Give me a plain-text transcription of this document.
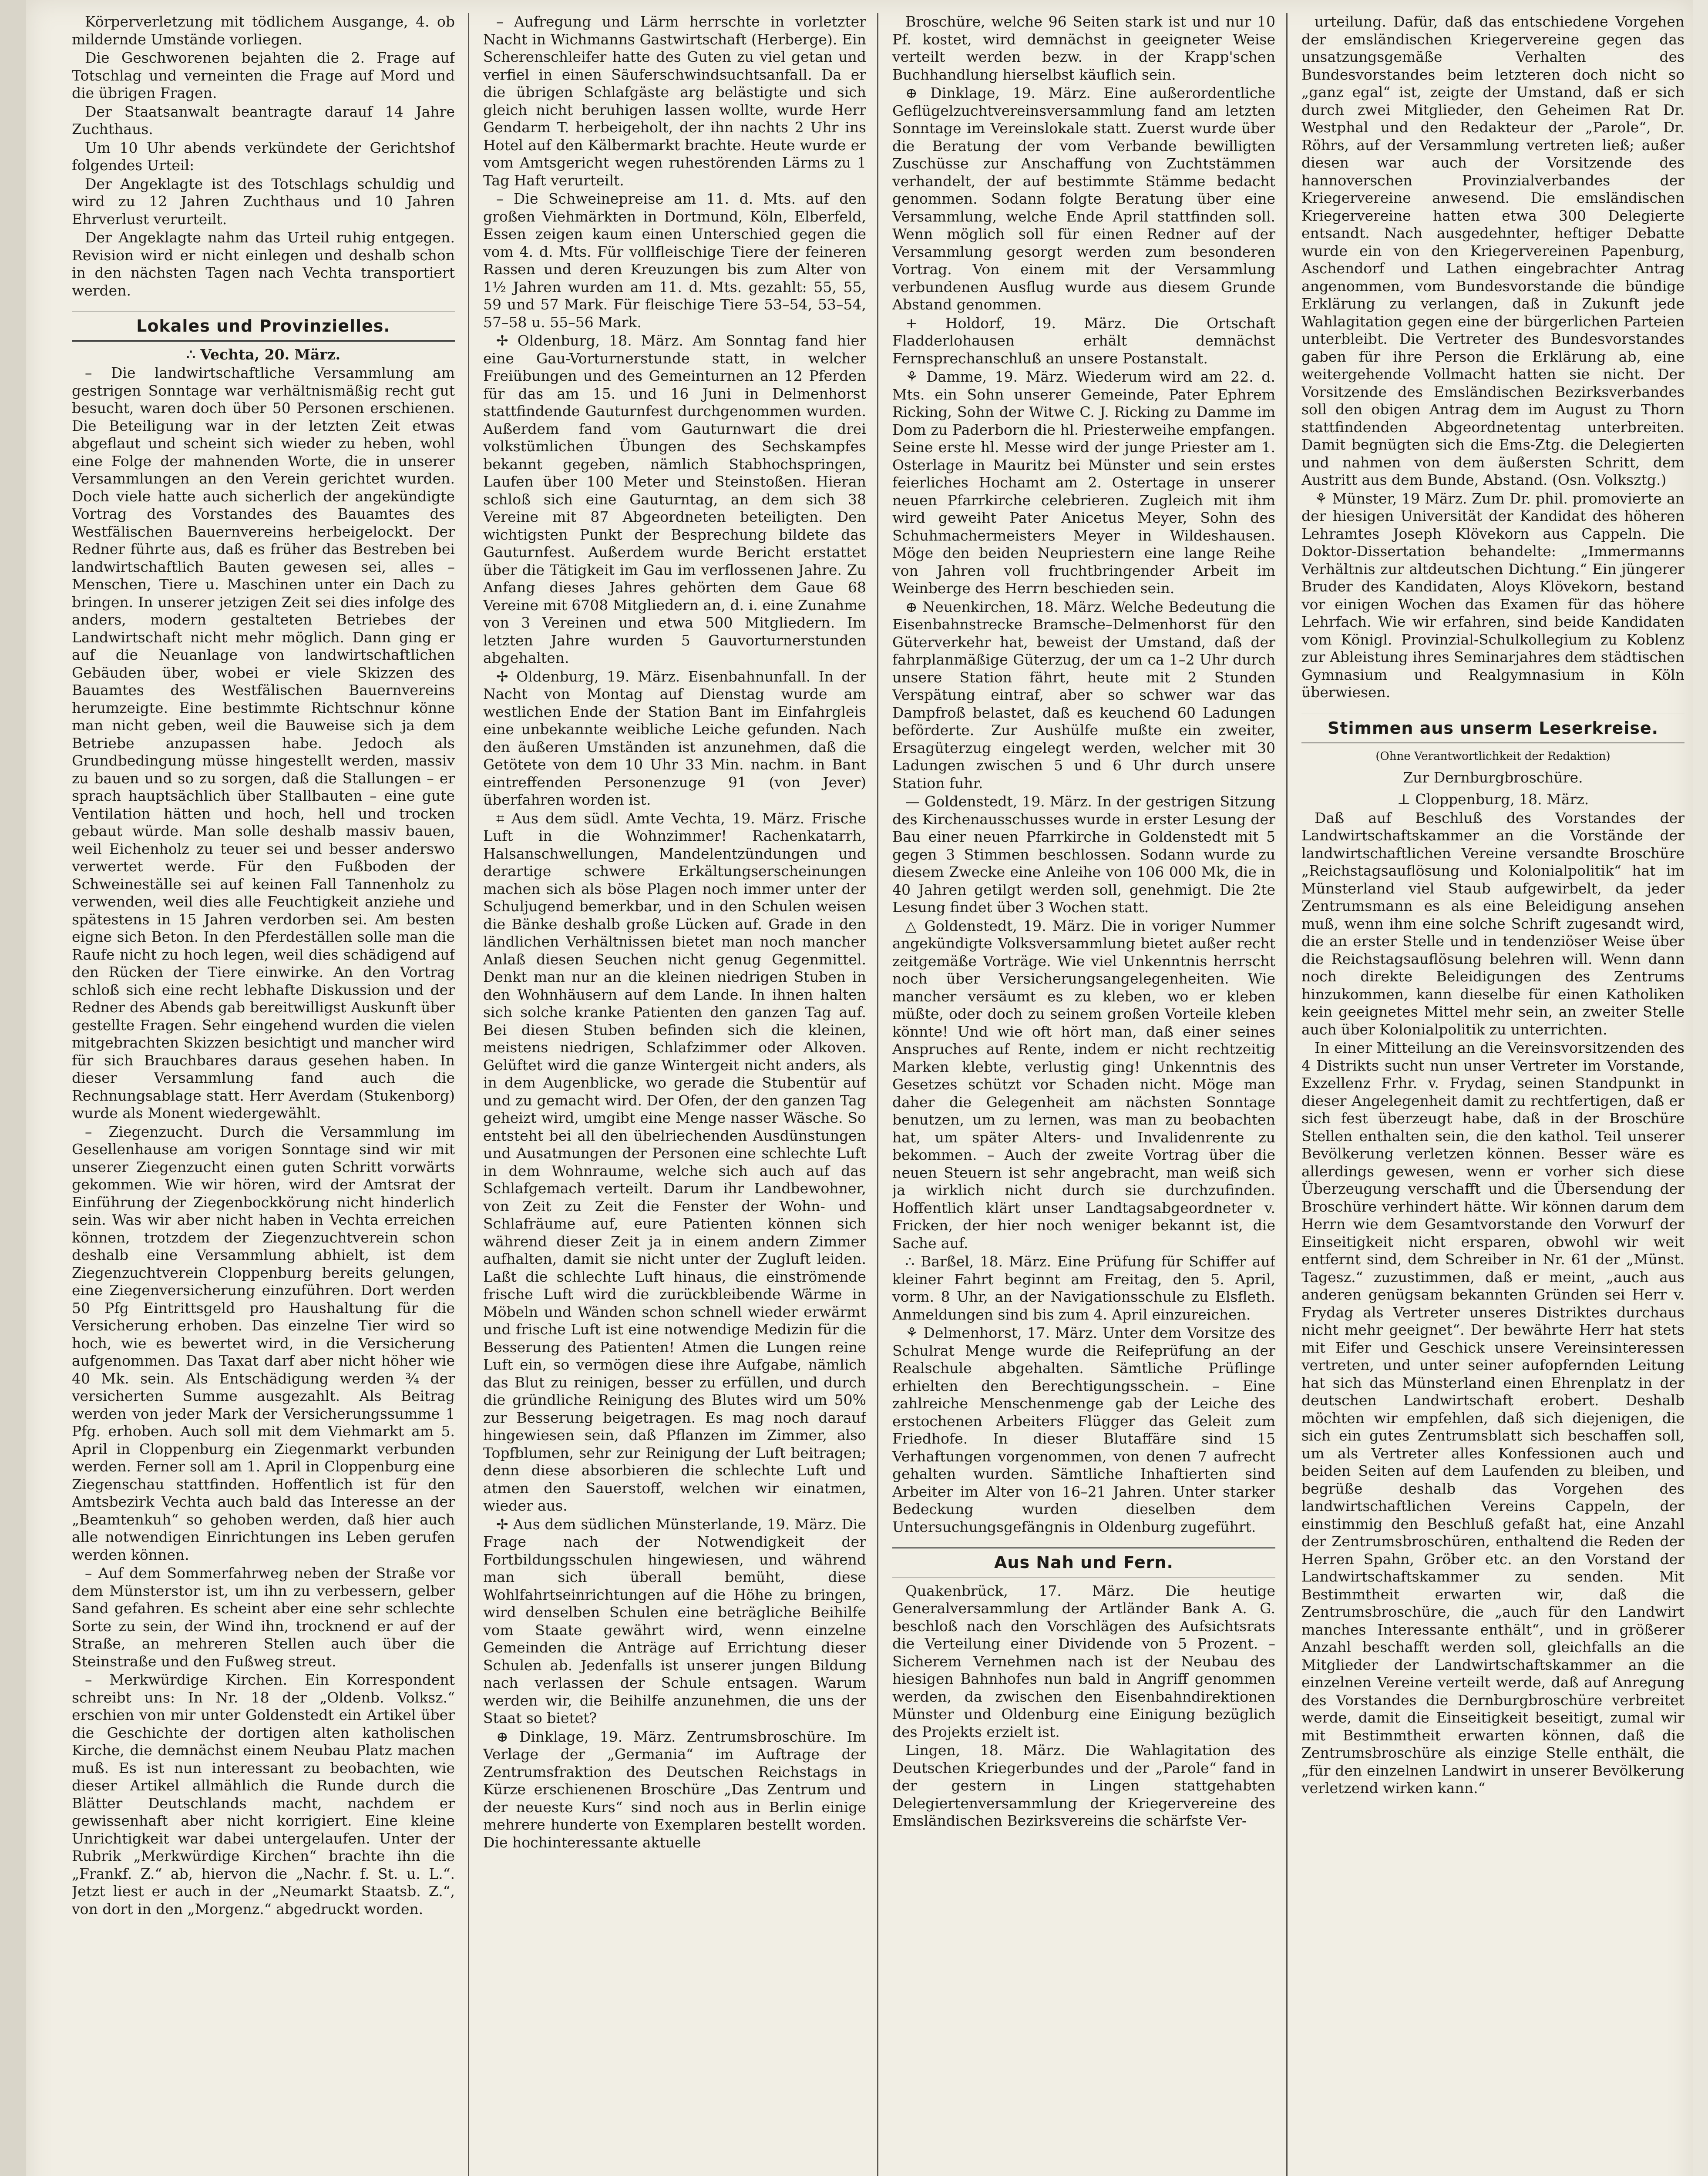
Körperverletzung mit tödlichem Ausgange, 4. ob mildernde Umstände vorliegen.

Die Geschworenen bejahten die 2. Frage auf Totschlag und verneinten die Frage auf Mord und die übrigen Fragen.

Der Staatsanwalt beantragte darauf 14 Jahre Zuchthaus.

Um 10 Uhr abends verkündete der Gerichtshof folgendes Urteil:

Der Angeklagte ist des Totschlags schuldig und wird zu 12 Jahren Zuchthaus und 10 Jahren Ehrverlust verurteilt.

Der Angeklagte nahm das Urteil ruhig entgegen. Revision wird er nicht einlegen und deshalb schon in den nächsten Tagen nach Vechta transportiert werden.

Lokales und Provinzielles.

∴ Vechta, 20. März.

– Die landwirtschaftliche Versammlung am gestrigen Sonntage war verhältnismäßig recht gut besucht, waren doch über 50 Personen erschienen. Die Beteiligung war in der letzten Zeit etwas abgeflaut und scheint sich wieder zu heben, wohl eine Folge der mahnenden Worte, die in unserer Versammlungen an den Verein gerichtet wurden. Doch viele hatte auch sicherlich der angekündigte Vortrag des Vorstandes des Bauamtes des Westfälischen Bauernvereins herbeigelockt. Der Redner führte aus, daß es früher das Bestreben bei landwirtschaftlich Bauten gewesen sei, alles – Menschen, Tiere u. Maschinen unter ein Dach zu bringen. In unserer jetzigen Zeit sei dies infolge des anders, modern gestalteten Betriebes der Landwirtschaft nicht mehr möglich. Dann ging er auf die Neuanlage von landwirtschaftlichen Gebäuden über, wobei er viele Skizzen des Bauamtes des Westfälischen Bauernvereins herumzeigte. Eine bestimmte Richtschnur könne man nicht geben, weil die Bauweise sich ja dem Betriebe anzupassen habe. Jedoch als Grundbedingung müsse hingestellt werden, massiv zu bauen und so zu sorgen, daß die Stallungen – er sprach hauptsächlich über Stallbauten – eine gute Ventilation hätten und hoch, hell und trocken gebaut würde. Man solle deshalb massiv bauen, weil Eichenholz zu teuer sei und besser anderswo verwertet werde. Für den Fußboden der Schweineställe sei auf keinen Fall Tannenholz zu verwenden, weil dies alle Feuchtigkeit anziehe und spätestens in 15 Jahren verdorben sei. Am besten eigne sich Beton. In den Pferdeställen solle man die Raufe nicht zu hoch legen, weil dies schädigend auf den Rücken der Tiere einwirke. An den Vortrag schloß sich eine recht lebhafte Diskussion und der Redner des Abends gab bereitwilligst Auskunft über gestellte Fragen. Sehr eingehend wurden die vielen mitgebrachten Skizzen besichtigt und mancher wird für sich Brauchbares daraus gesehen haben. In dieser Versammlung fand auch die Rechnungsablage statt. Herr Averdam (Stukenborg) wurde als Monent wiedergewählt.

– Ziegenzucht. Durch die Versammlung im Gesellenhause am vorigen Sonntage sind wir mit unserer Ziegenzucht einen guten Schritt vorwärts gekommen. Wie wir hören, wird der Amtsrat der Einführung der Ziegenbockkörung nicht hinderlich sein. Was wir aber nicht haben in Vechta erreichen können, trotzdem der Ziegenzuchtverein schon deshalb eine Versammlung abhielt, ist dem Ziegenzuchtverein Cloppenburg bereits gelungen, eine Ziegenversicherung einzuführen. Dort werden 50 Pfg Eintrittsgeld pro Haushaltung für die Versicherung erhoben. Das einzelne Tier wird so hoch, wie es bewertet wird, in die Versicherung aufgenommen. Das Taxat darf aber nicht höher wie 40 Mk. sein. Als Entschädigung werden ¾ der versicherten Summe ausgezahlt. Als Beitrag werden von jeder Mark der Versicherungssumme 1 Pfg. erhoben. Auch soll mit dem Viehmarkt am 5. April in Cloppenburg ein Ziegenmarkt verbunden werden. Ferner soll am 1. April in Cloppenburg eine Ziegenschau stattfinden. Hoffentlich ist für den Amtsbezirk Vechta auch bald das Interesse an der „Beamtenkuh“ so gehoben werden, daß hier auch alle notwendigen Einrichtungen ins Leben gerufen werden können.

– Auf dem Sommerfahrweg neben der Straße vor dem Münsterstor ist, um ihn zu verbessern, gelber Sand gefahren. Es scheint aber eine sehr schlechte Sorte zu sein, der Wind ihn, trocknend er auf der Straße, an mehreren Stellen auch über die Steinstraße und den Fußweg streut.

– Merkwürdige Kirchen. Ein Korrespondent schreibt uns: In Nr. 18 der „Oldenb. Volksz.“ erschien von mir unter Goldenstedt ein Artikel über die Geschichte der dortigen alten katholischen Kirche, die demnächst einem Neubau Platz machen muß. Es ist nun interessant zu beobachten, wie dieser Artikel allmählich die Runde durch die Blätter Deutschlands macht, nachdem er gewissenhaft aber nicht korrigiert. Eine kleine Unrichtigkeit war dabei untergelaufen. Unter der Rubrik „Merkwürdige Kirchen“ brachte ihn die „Frankf. Z.“ ab, hiervon die „Nachr. f. St. u. L.“. Jetzt liest er auch in der „Neumarkt Staatsb. Z.“, von dort in den „Morgenz.“ abgedruckt worden.

– Aufregung und Lärm herrschte in vorletzter Nacht in Wichmanns Gastwirtschaft (Herberge). Ein Scherenschleifer hatte des Guten zu viel getan und verfiel in einen Säuferschwindsuchtsanfall. Da er die übrigen Schlafgäste arg belästigte und sich gleich nicht beruhigen lassen wollte, wurde Herr Gendarm T. herbeigeholt, der ihn nachts 2 Uhr ins Hotel auf den Kälbermarkt brachte. Heute wurde er vom Amtsgericht wegen ruhestörenden Lärms zu 1 Tag Haft verurteilt.

– Die Schweinepreise am 11. d. Mts. auf den großen Viehmärkten in Dortmund, Köln, Elberfeld, Essen zeigen kaum einen Unterschied gegen die vom 4. d. Mts. Für vollfleischige Tiere der feineren Rassen und deren Kreuzungen bis zum Alter von 1½ Jahren wurden am 11. d. Mts. gezahlt: 55, 55, 59 und 57 Mark. Für fleischige Tiere 53–54, 53–54, 57–58 u. 55–56 Mark.

✢ Oldenburg, 18. März. Am Sonntag fand hier eine Gau-Vorturnerstunde statt, in welcher Freiübungen und des Gemeinturnen an 12 Pferden für das am 15. und 16 Juni in Delmenhorst stattfindende Gauturnfest durchgenommen wurden. Außerdem fand vom Gauturnwart die drei volkstümlichen Übungen des Sechskampfes bekannt gegeben, nämlich Stabhochspringen, Laufen über 100 Meter und Steinstoßen. Hieran schloß sich eine Gauturntag, an dem sich 38 Vereine mit 87 Abgeordneten beteiligten. Den wichtigsten Punkt der Besprechung bildete das Gauturnfest. Außerdem wurde Bericht erstattet über die Tätigkeit im Gau im verflossenen Jahre. Zu Anfang dieses Jahres gehörten dem Gaue 68 Vereine mit 6708 Mitgliedern an, d. i. eine Zunahme von 3 Vereinen und etwa 500 Mitgliedern. Im letzten Jahre wurden 5 Gauvorturnerstunden abgehalten.

✢ Oldenburg, 19. März. Eisenbahnunfall. In der Nacht von Montag auf Dienstag wurde am westlichen Ende der Station Bant im Einfahrgleis eine unbekannte weibliche Leiche gefunden. Nach den äußeren Umständen ist anzunehmen, daß die Getötete von dem 10 Uhr 33 Min. nachm. in Bant eintreffenden Personenzuge 91 (von Jever) überfahren worden ist.

⌗ Aus dem südl. Amte Vechta, 19. März. Frische Luft in die Wohnzimmer! Rachenkatarrh, Halsanschwellungen, Mandelentzündungen und derartige schwere Erkältungserscheinungen machen sich als böse Plagen noch immer unter der Schuljugend bemerkbar, und in den Schulen weisen die Bänke deshalb große Lücken auf. Grade in den ländlichen Verhältnissen bietet man noch mancher Anlaß diesen Seuchen nicht genug Gegenmittel. Denkt man nur an die kleinen niedrigen Stuben in den Wohnhäusern auf dem Lande. In ihnen halten sich solche kranke Patienten den ganzen Tag auf. Bei diesen Stuben befinden sich die kleinen, meistens niedrigen, Schlafzimmer oder Alkoven. Gelüftet wird die ganze Wintergeit nicht anders, als in dem Augenblicke, wo gerade die Stubentür auf und zu gemacht wird. Der Ofen, der den ganzen Tag geheizt wird, umgibt eine Menge nasser Wäsche. So entsteht bei all den übelriechenden Ausdünstungen und Ausatmungen der Personen eine schlechte Luft in dem Wohnraume, welche sich auch auf das Schlafgemach verteilt. Darum ihr Landbewohner, von Zeit zu Zeit die Fenster der Wohn- und Schlafräume auf, eure Patienten können sich während dieser Zeit ja in einem andern Zimmer aufhalten, damit sie nicht unter der Zugluft leiden. Laßt die schlechte Luft hinaus, die einströmende frische Luft wird die zurückbleibende Wärme in Möbeln und Wänden schon schnell wieder erwärmt und frische Luft ist eine notwendige Medizin für die Besserung des Patienten! Atmen die Lungen reine Luft ein, so vermögen diese ihre Aufgabe, nämlich das Blut zu reinigen, besser zu erfüllen, und durch die gründliche Reinigung des Blutes wird um 50% zur Besserung beigetragen. Es mag noch darauf hingewiesen sein, daß Pflanzen im Zimmer, also Topfblumen, sehr zur Reinigung der Luft beitragen; denn diese absorbieren die schlechte Luft und atmen den Sauerstoff, welchen wir einatmen, wieder aus.

✢ Aus dem südlichen Münsterlande, 19. März. Die Frage nach der Notwendigkeit der Fortbildungsschulen hingewiesen, und während man sich überall bemüht, diese Wohlfahrtseinrichtungen auf die Höhe zu bringen, wird denselben Schulen eine beträgliche Beihilfe vom Staate gewährt wird, wenn einzelne Gemeinden die Anträge auf Errichtung dieser Schulen ab. Jedenfalls ist unserer jungen Bildung nach verlassen der Schule entsagen. Warum werden wir, die Beihilfe anzunehmen, die uns der Staat so bietet?

⊕ Dinklage, 19. März. Zentrumsbroschüre. Im Verlage der „Germania“ im Auftrage der Zentrumsfraktion des Deutschen Reichstags in Kürze erschienenen Broschüre „Das Zentrum und der neueste Kurs“ sind noch aus in Berlin einige mehrere hunderte von Exemplaren bestellt worden. Die hochinteressante aktuelle

Broschüre, welche 96 Seiten stark ist und nur 10 Pf. kostet, wird demnächst in geeigneter Weise verteilt werden bezw. in der Krapp'schen Buchhandlung hierselbst käuflich sein.

⊕ Dinklage, 19. März. Eine außerordentliche Geflügelzuchtvereinsversammlung fand am letzten Sonntage im Vereinslokale statt. Zuerst wurde über die Beratung der vom Verbande bewilligten Zuschüsse zur Anschaffung von Zuchtstämmen verhandelt, der auf bestimmte Stämme bedacht genommen. Sodann folgte Beratung über eine Versammlung, welche Ende April stattfinden soll. Wenn möglich soll für einen Redner auf der Versammlung gesorgt werden zum besonderen Vortrag. Von einem mit der Versammlung verbundenen Ausflug wurde aus diesem Grunde Abstand genommen.

+ Holdorf, 19. März. Die Ortschaft Fladderlohausen erhält demnächst Fernsprechanschluß an unsere Postanstalt.

⚘ Damme, 19. März. Wiederum wird am 22. d. Mts. ein Sohn unserer Gemeinde, Pater Ephrem Ricking, Sohn der Witwe C. J. Ricking zu Damme im Dom zu Paderborn die hl. Priesterweihe empfangen. Seine erste hl. Messe wird der junge Priester am 1. Osterlage in Mauritz bei Münster und sein erstes feierliches Hochamt am 2. Ostertage in unserer neuen Pfarrkirche celebrieren. Zugleich mit ihm wird geweiht Pater Anicetus Meyer, Sohn des Schuhmachermeisters Meyer in Wildeshausen. Möge den beiden Neupriestern eine lange Reihe von Jahren voll fruchtbringender Arbeit im Weinberge des Herrn beschieden sein.

⊕ Neuenkirchen, 18. März. Welche Bedeutung die Eisenbahnstrecke Bramsche–Delmenhorst für den Güterverkehr hat, beweist der Umstand, daß der fahrplanmäßige Güterzug, der um ca 1–2 Uhr durch unsere Station fährt, heute mit 2 Stunden Verspätung eintraf, aber so schwer war das Dampfroß belastet, daß es keuchend 60 Ladungen beförderte. Zur Aushülfe mußte ein zweiter, Ersagüterzug eingelegt werden, welcher mit 30 Ladungen zwischen 5 und 6 Uhr durch unsere Station fuhr.

— Goldenstedt, 19. März. In der gestrigen Sitzung des Kirchenausschusses wurde in erster Lesung der Bau einer neuen Pfarrkirche in Goldenstedt mit 5 gegen 3 Stimmen beschlossen. Sodann wurde zu diesem Zwecke eine Anleihe von 106 000 Mk, die in 40 Jahren getilgt werden soll, genehmigt. Die 2te Lesung findet über 3 Wochen statt.

△ Goldenstedt, 19. März. Die in voriger Nummer angekündigte Volksversammlung bietet außer recht zeitgemäße Vorträge. Wie viel Unkenntnis herrscht noch über Versicherungsangelegenheiten. Wie mancher versäumt es zu kleben, wo er kleben müßte, oder doch zu seinem großen Vorteile kleben könnte! Und wie oft hört man, daß einer seines Anspruches auf Rente, indem er nicht rechtzeitig Marken klebte, verlustig ging! Unkenntnis des Gesetzes schützt vor Schaden nicht. Möge man daher die Gelegenheit am nächsten Sonntage benutzen, um zu lernen, was man zu beobachten hat, um später Alters- und Invalidenrente zu bekommen. – Auch der zweite Vortrag über die neuen Steuern ist sehr angebracht, man weiß sich ja wirklich nicht durch sie durchzufinden. Hoffentlich klärt unser Landtagsabgeordneter v. Fricken, der hier noch weniger bekannt ist, die Sache auf.

∴ Barßel, 18. März. Eine Prüfung für Schiffer auf kleiner Fahrt beginnt am Freitag, den 5. April, vorm. 8 Uhr, an der Navigationsschule zu Elsfleth. Anmeldungen sind bis zum 4. April einzureichen.

⚘ Delmenhorst, 17. März. Unter dem Vorsitze des Schulrat Menge wurde die Reifeprüfung an der Realschule abgehalten. Sämtliche Prüflinge erhielten den Berechtigungsschein. – Eine zahlreiche Menschenmenge gab der Leiche des erstochenen Arbeiters Flügger das Geleit zum Friedhofe. In dieser Blutaffäre sind 15 Verhaftungen vorgenommen, von denen 7 aufrecht gehalten wurden. Sämtliche Inhaftierten sind Arbeiter im Alter von 16–21 Jahren. Unter starker Bedeckung wurden dieselben dem Untersuchungsgefängnis in Oldenburg zugeführt.

Aus Nah und Fern.

Quakenbrück, 17. März. Die heutige Generalversammlung der Artländer Bank A. G. beschloß nach den Vorschlägen des Aufsichtsrats die Verteilung einer Dividende von 5 Prozent. – Sicherem Vernehmen nach ist der Neubau des hiesigen Bahnhofes nun bald in Angriff genommen werden, da zwischen den Eisenbahndirektionen Münster und Oldenburg eine Einigung bezüglich des Projekts erzielt ist.

Lingen, 18. März. Die Wahlagitation des Deutschen Kriegerbundes und der „Parole“ fand in der gestern in Lingen stattgehabten Delegiertenversammlung der Kriegervereine des Emsländischen Bezirksvereins die schärfste Ver-

urteilung. Dafür, daß das entschiedene Vorgehen der emsländischen Kriegervereine gegen das unsatzungsgemäße Verhalten des Bundesvorstandes beim letzteren doch nicht so „ganz egal“ ist, zeigte der Umstand, daß er sich durch zwei Mitglieder, den Geheimen Rat Dr. Westphal und den Redakteur der „Parole“, Dr. Röhrs, auf der Versammlung vertreten ließ; außer diesen war auch der Vorsitzende des hannoverschen Provinzialverbandes der Kriegervereine anwesend. Die emsländischen Kriegervereine hatten etwa 300 Delegierte entsandt. Nach ausgedehnter, heftiger Debatte wurde ein von den Kriegervereinen Papenburg, Aschendorf und Lathen eingebrachter Antrag angenommen, vom Bundesvorstande die bündige Erklärung zu verlangen, daß in Zukunft jede Wahlagitation gegen eine der bürgerlichen Parteien unterbleibt. Die Vertreter des Bundesvorstandes gaben für ihre Person die Erklärung ab, eine weitergehende Vollmacht hatten sie nicht. Der Vorsitzende des Emsländischen Bezirksverbandes soll den obigen Antrag dem im August zu Thorn stattfindenden Abgeordnetentag unterbreiten. Damit begnügten sich die Ems-Ztg. die Delegierten und nahmen von dem äußersten Schritt, dem Austritt aus dem Bunde, Abstand. (Osn. Volksztg.)

⚘ Münster, 19 März. Zum Dr. phil. promovierte an der hiesigen Universität der Kandidat des höheren Lehramtes Joseph Klövekorn aus Cappeln. Die Doktor-Dissertation behandelte: „Immermanns Verhältnis zur altdeutschen Dichtung.“ Ein jüngerer Bruder des Kandidaten, Aloys Klövekorn, bestand vor einigen Wochen das Examen für das höhere Lehrfach. Wie wir erfahren, sind beide Kandidaten vom Königl. Provinzial-Schulkollegium zu Koblenz zur Ableistung ihres Seminarjahres dem städtischen Gymnasium und Realgymnasium in Köln überwiesen.

Stimmen aus unserm Leserkreise.
(Ohne Verantwortlichkeit der Redaktion)
Zur Dernburgbroschüre.

⊥ Cloppenburg, 18. März.

Daß auf Beschluß des Vorstandes der Landwirtschaftskammer an die Vorstände der landwirtschaftlichen Vereine versandte Broschüre „Reichstagsauflösung und Kolonialpolitik“ hat im Münsterland viel Staub aufgewirbelt, da jeder Zentrumsmann es als eine Beleidigung ansehen muß, wenn ihm eine solche Schrift zugesandt wird, die an erster Stelle und in tendenziöser Weise über die Reichstagsauflösung belehren will. Wenn dann noch direkte Beleidigungen des Zentrums hinzukommen, kann dieselbe für einen Katholiken kein geeignetes Mittel mehr sein, an zweiter Stelle auch über Kolonialpolitik zu unterrichten.

In einer Mitteilung an die Vereinsvorsitzenden des 4 Distrikts sucht nun unser Vertreter im Vorstande, Exzellenz Frhr. v. Frydag, seinen Standpunkt in dieser Angelegenheit damit zu rechtfertigen, daß er sich fest überzeugt habe, daß in der Broschüre Stellen enthalten sein, die den kathol. Teil unserer Bevölkerung verletzen können. Besser wäre es allerdings gewesen, wenn er vorher sich diese Überzeugung verschafft und die Übersendung der Broschüre verhindert hätte. Wir können darum dem Herrn wie dem Gesamtvorstande den Vorwurf der Einseitigkeit nicht ersparen, obwohl wir weit entfernt sind, dem Schreiber in Nr. 61 der „Münst. Tagesz.“ zuzustimmen, daß er meint, „auch aus anderen genügsam bekannten Gründen sei Herr v. Frydag als Vertreter unseres Distriktes durchaus nicht mehr geeignet“. Der bewährte Herr hat stets mit Eifer und Geschick unsere Vereinsinteressen vertreten, und unter seiner aufopfernden Leitung hat sich das Münsterland einen Ehrenplatz in der deutschen Landwirtschaft erobert. Deshalb möchten wir empfehlen, daß sich diejenigen, die sich ein gutes Zentrumsblatt sich beschaffen soll, um als Vertreter alles Konfessionen auch und beiden Seiten auf dem Laufenden zu bleiben, und begrüße deshalb das Vorgehen des landwirtschaftlichen Vereins Cappeln, der einstimmig den Beschluß gefaßt hat, eine Anzahl der Zentrumsbroschüren, enthaltend die Reden der Herren Spahn, Gröber etc. an den Vorstand der Landwirtschaftskammer zu senden. Mit Bestimmtheit erwarten wir, daß die Zentrumsbroschüre, die „auch für den Landwirt manches Interessante enthält“, und in größerer Anzahl beschafft werden soll, gleichfalls an die Mitglieder der Landwirtschaftskammer an die einzelnen Vereine verteilt werde, daß auf Anregung des Vorstandes die Dernburgbroschüre verbreitet werde, damit die Einseitigkeit beseitigt, zumal wir mit Bestimmtheit erwarten können, daß die Zentrumsbroschüre als einzige Stelle enthält, die „für den einzelnen Landwirt in unserer Bevölkerung verletzend wirken kann.“
